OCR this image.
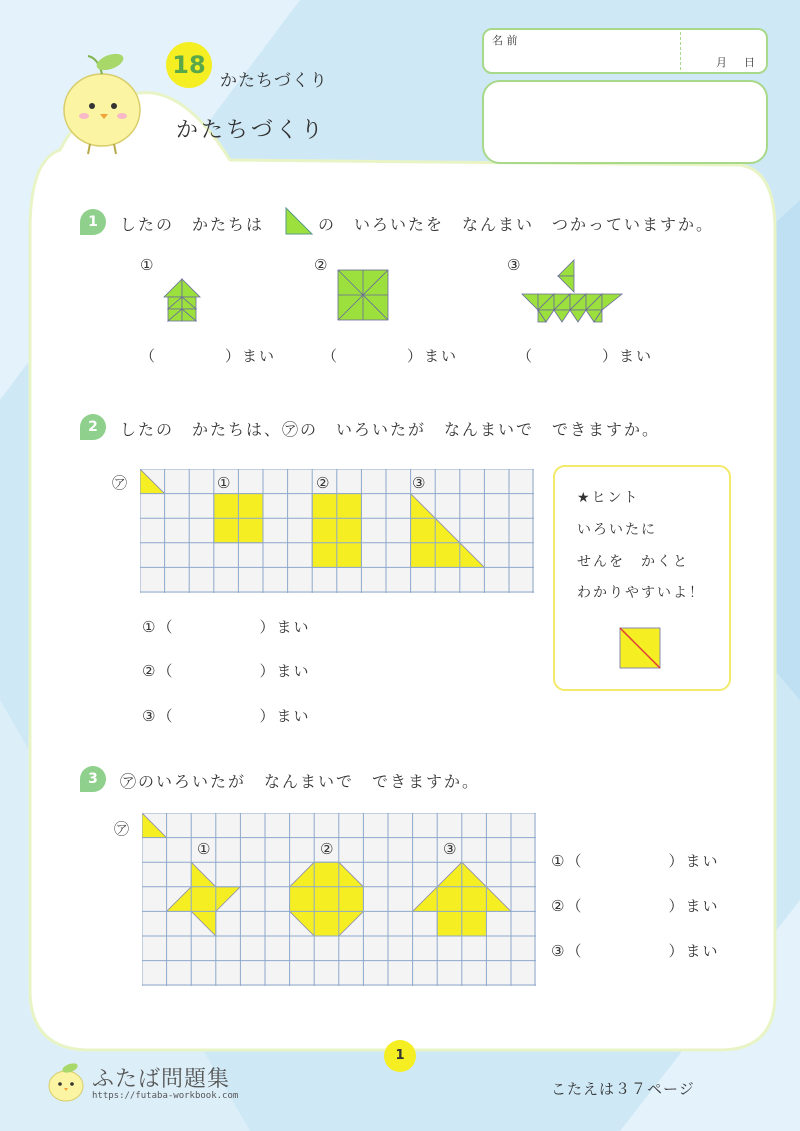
18
かたちづくり
かたちづくり
名 前
月 日
1	したの　かたちは	の　いろいたを　なんまい　つかっていますか。
①	②	③
（　　　　）まい	（　　　　）まい	（　　　　）まい
2	したの　かたちは、㋐の　いろいたが　なんまいで　できますか。
㋐	①	②	③
①（　　　　　）まい
②（　　　　　）まい
③（　　　　　）まい
★ヒント
いろいたに
せんを　かくと
わかりやすいよ！
3	㋐のいろいたが　なんまいで　できますか。
㋐
①	②	③
①（　　　　　）まい
②（　　　　　）まい
③（　　　　　）まい
1
ふたば問題集
https://futaba-workbook.com	こたえは３７ページ
